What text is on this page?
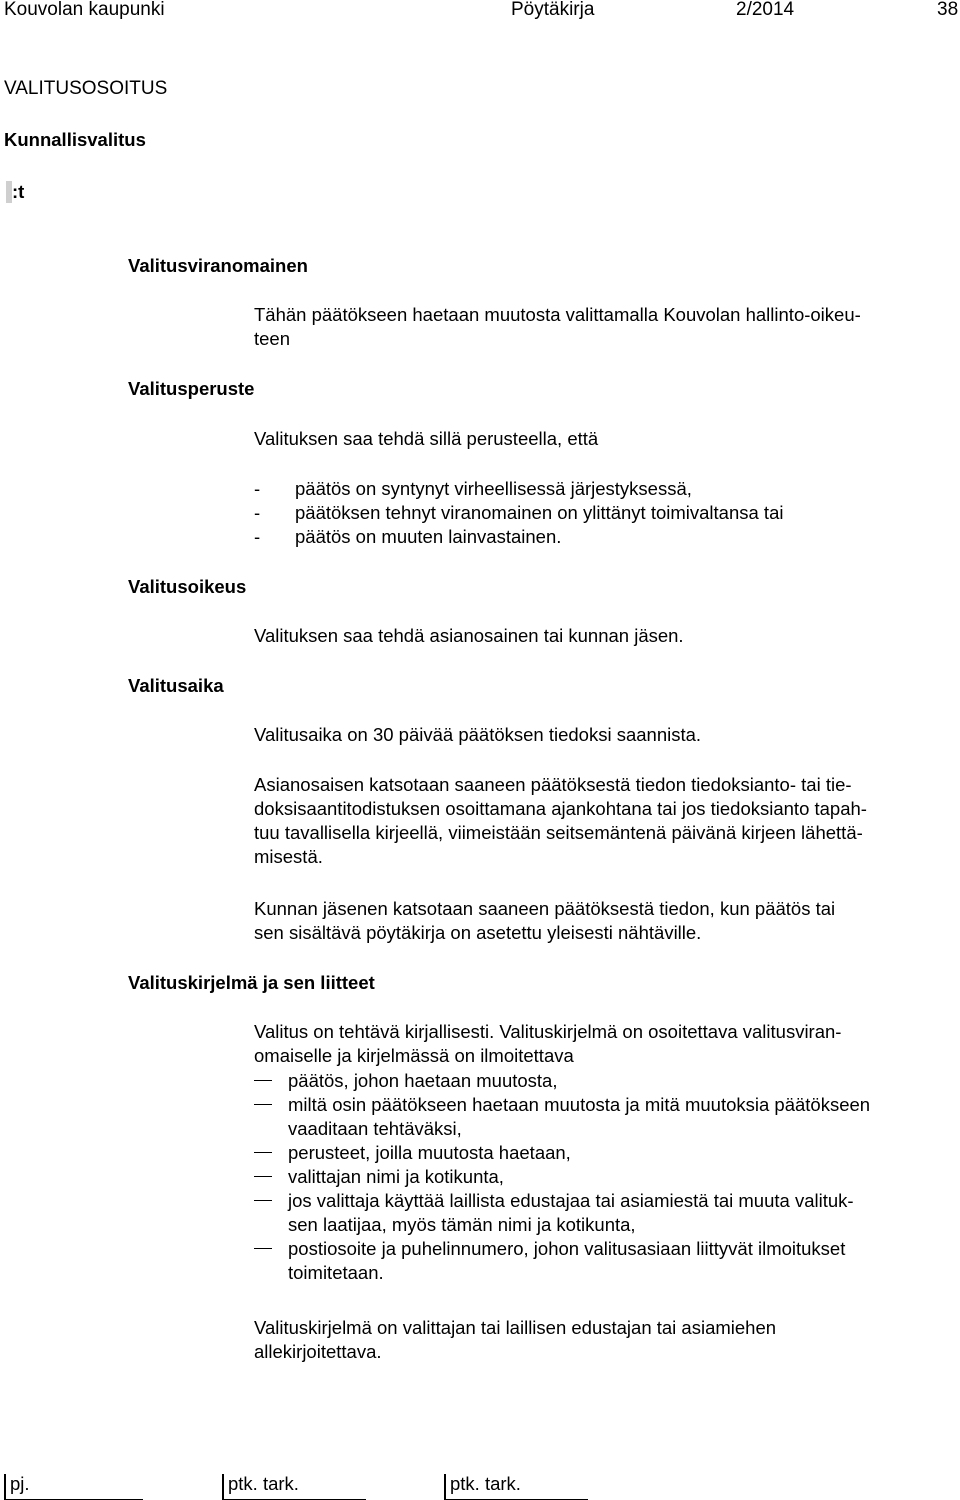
Kouvolan kaupunki	Pöytäkirja	2/2014	38
VALITUSOSOITUS
Kunnallisvalitus
:t
Valitusviranomainen
Tähän päätökseen haetaan muutosta valittamalla Kouvolan hallinto-oikeu-
teen
Valitusperuste
Valituksen saa tehdä sillä perusteella, että
- päätös on syntynyt virheellisessä järjestyksessä,
- päätöksen tehnyt viranomainen on ylittänyt toimivaltansa tai
- päätös on muuten lainvastainen.
Valitusoikeus
Valituksen saa tehdä asianosainen tai kunnan jäsen.
Valitusaika
Valitusaika on 30 päivää päätöksen tiedoksi saannista.
Asianosaisen katsotaan saaneen päätöksestä tiedon tiedoksianto- tai tie-
doksisaantitodistuksen osoittamana ajankohtana tai jos tiedoksianto tapah-
tuu tavallisella kirjeellä, viimeistään seitsemäntenä päivänä kirjeen lähettä-
misestä.
Kunnan jäsenen katsotaan saaneen päätöksestä tiedon, kun päätös tai
sen sisältävä pöytäkirja on asetettu yleisesti nähtäville.
Valituskirjelmä ja sen liitteet
Valitus on tehtävä kirjallisesti. Valituskirjelmä on osoitettava valitusviran-
omaiselle ja kirjelmässä on ilmoitettava
päätös, johon haetaan muutosta,
miltä osin päätökseen haetaan muutosta ja mitä muutoksia päätökseen
vaaditaan tehtäväksi,
perusteet, joilla muutosta haetaan,
valittajan nimi ja kotikunta,
jos valittaja käyttää laillista edustajaa tai asiamiestä tai muuta valituk-
sen laatijaa, myös tämän nimi ja kotikunta,
postiosoite ja puhelinnumero, johon valitusasiaan liittyvät ilmoitukset
toimitetaan.
Valituskirjelmä on valittajan tai laillisen edustajan tai asiamiehen
allekirjoitettava.
pj.	ptk. tark.	ptk. tark.
